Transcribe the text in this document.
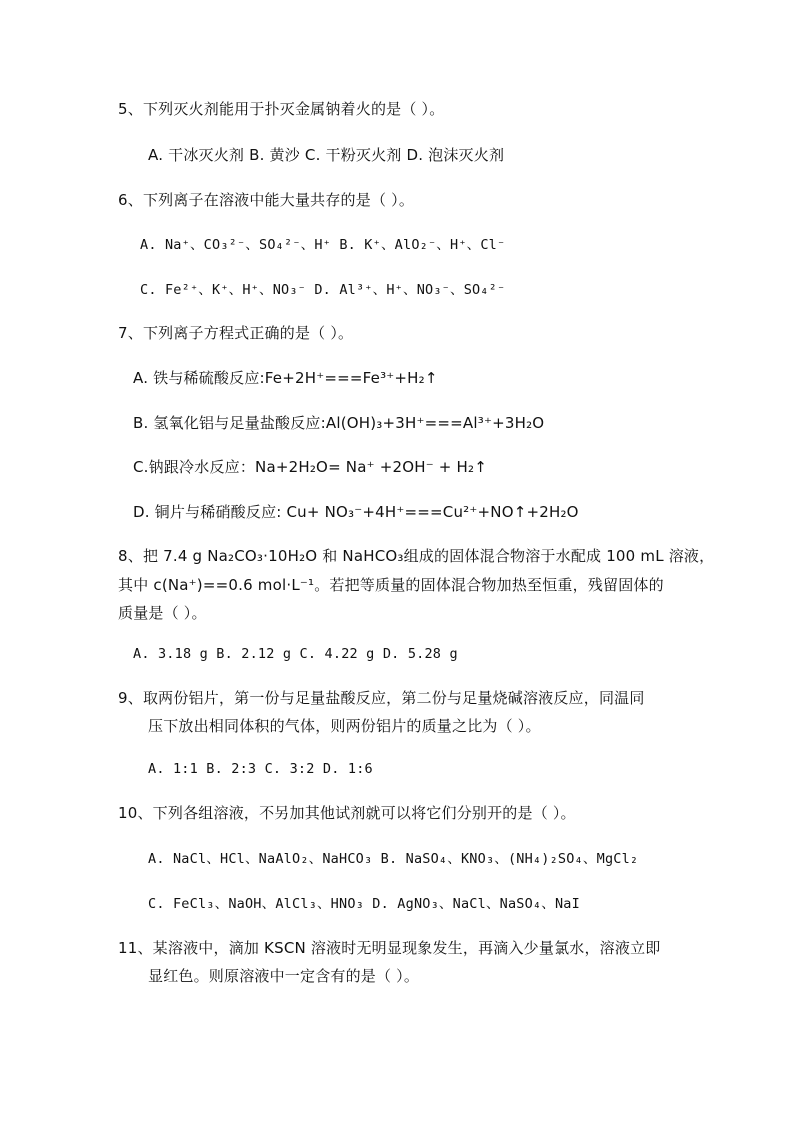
5、下列灭火剂能用于扑灭金属钠着火的是（ ）。
A. 干冰灭火剂 B. 黄沙 C. 干粉灭火剂 D. 泡沫灭火剂
6、下列离子在溶液中能大量共存的是（ ）。
A. Na⁺、CO₃²⁻、SO₄²⁻、H⁺ B. K⁺、AlO₂⁻、H⁺、Cl⁻
C. Fe²⁺、K⁺、H⁺、NO₃⁻ D. Al³⁺、H⁺、NO₃⁻、SO₄²⁻
7、下列离子方程式正确的是（ ）。
A. 铁与稀硫酸反应:Fe+2H⁺===Fe³⁺+H₂↑
B. 氢氧化铝与足量盐酸反应:Al(OH)₃+3H⁺===Al³⁺+3H₂O
C.钠跟冷水反应：Na+2H₂O= Na⁺ +2OH⁻ + H₂↑
D. 铜片与稀硝酸反应: Cu+ NO₃⁻+4H⁺===Cu²⁺+NO↑+2H₂O
8、把 7.4 g Na₂CO₃·10H₂O 和 NaHCO₃组成的固体混合物溶于水配成 100 mL 溶液，
其中 c(Na⁺)==0.6 mol·L⁻¹。若把等质量的固体混合物加热至恒重，残留固体的
质量是（ ）。
A. 3.18 g B. 2.12 g C. 4.22 g D. 5.28 g
9、取两份铝片，第一份与足量盐酸反应，第二份与足量烧碱溶液反应，同温同
压下放出相同体积的气体，则两份铝片的质量之比为（ ）。
A. 1:1 B. 2:3 C. 3:2 D. 1:6
10、下列各组溶液，不另加其他试剂就可以将它们分别开的是（ ）。
A. NaCl、HCl、NaAlO₂、NaHCO₃ B. NaSO₄、KNO₃、(NH₄)₂SO₄、MgCl₂
C. FeCl₃、NaOH、AlCl₃、HNO₃ D. AgNO₃、NaCl、NaSO₄、NaI
11、某溶液中，滴加 KSCN 溶液时无明显现象发生，再滴入少量氯水，溶液立即
显红色。则原溶液中一定含有的是（ ）。
